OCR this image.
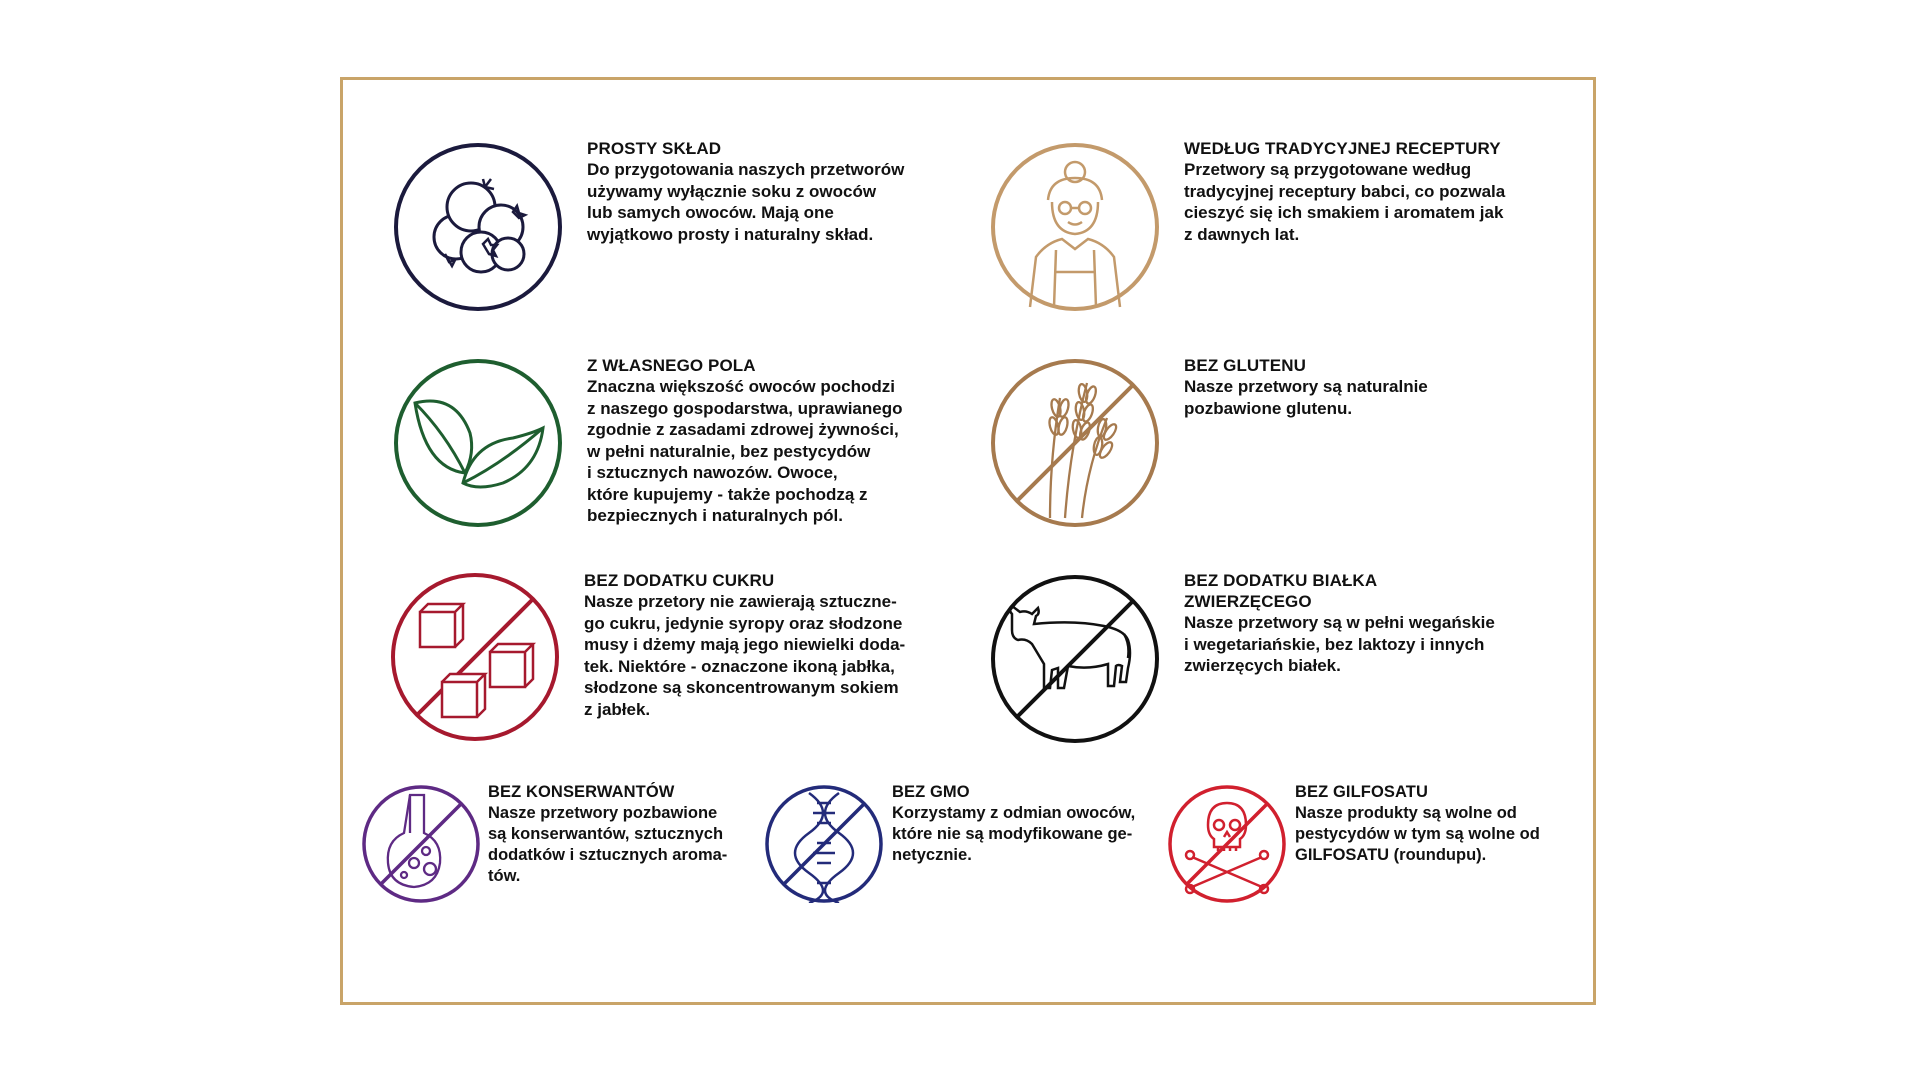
PROSTY SKŁAD
Do przygotowania naszych przetworów
używamy wyłącznie soku z owoców
lub samych owoców. Mają one
wyjątkowo prosty i naturalny skład.
WEDŁUG TRADYCYJNEJ RECEPTURY
Przetwory są przygotowane według
tradycyjnej receptury babci, co pozwala
cieszyć się ich smakiem i aromatem jak
z dawnych lat.
Z WŁASNEGO POLA
Znaczna większość owoców pochodzi
z naszego gospodarstwa, uprawianego
zgodnie z zasadami zdrowej żywności,
w pełni naturalnie, bez pestycydów
i sztucznych nawozów. Owoce,
które kupujemy - także pochodzą z
bezpiecznych i naturalnych pól.
BEZ GLUTENU
Nasze przetwory są naturalnie
pozbawione glutenu.
BEZ DODATKU CUKRU
Nasze przetory nie zawierają sztuczne-
go cukru, jedynie syropy oraz słodzone
musy i dżemy mają jego niewielki doda-
tek. Niektóre - oznaczone ikoną jabłka,
słodzone są skoncentrowanym sokiem
z jabłek.
BEZ DODATKU BIAŁKA ZWIERZĘCEGO
Nasze przetwory są w pełni wegańskie
i wegetariańskie, bez laktozy i innych
zwierzęcych białek.
BEZ KONSERWANTÓW
Nasze przetwory pozbawione
są konserwantów, sztucznych
dodatków i sztucznych aroma-
tów.
BEZ GMO
Korzystamy z odmian owoców,
które nie są modyfikowane ge-
netycznie.
BEZ GILFOSATU
Nasze produkty są wolne od
pestycydów w tym są wolne od
GILFOSATU (roundupu).
